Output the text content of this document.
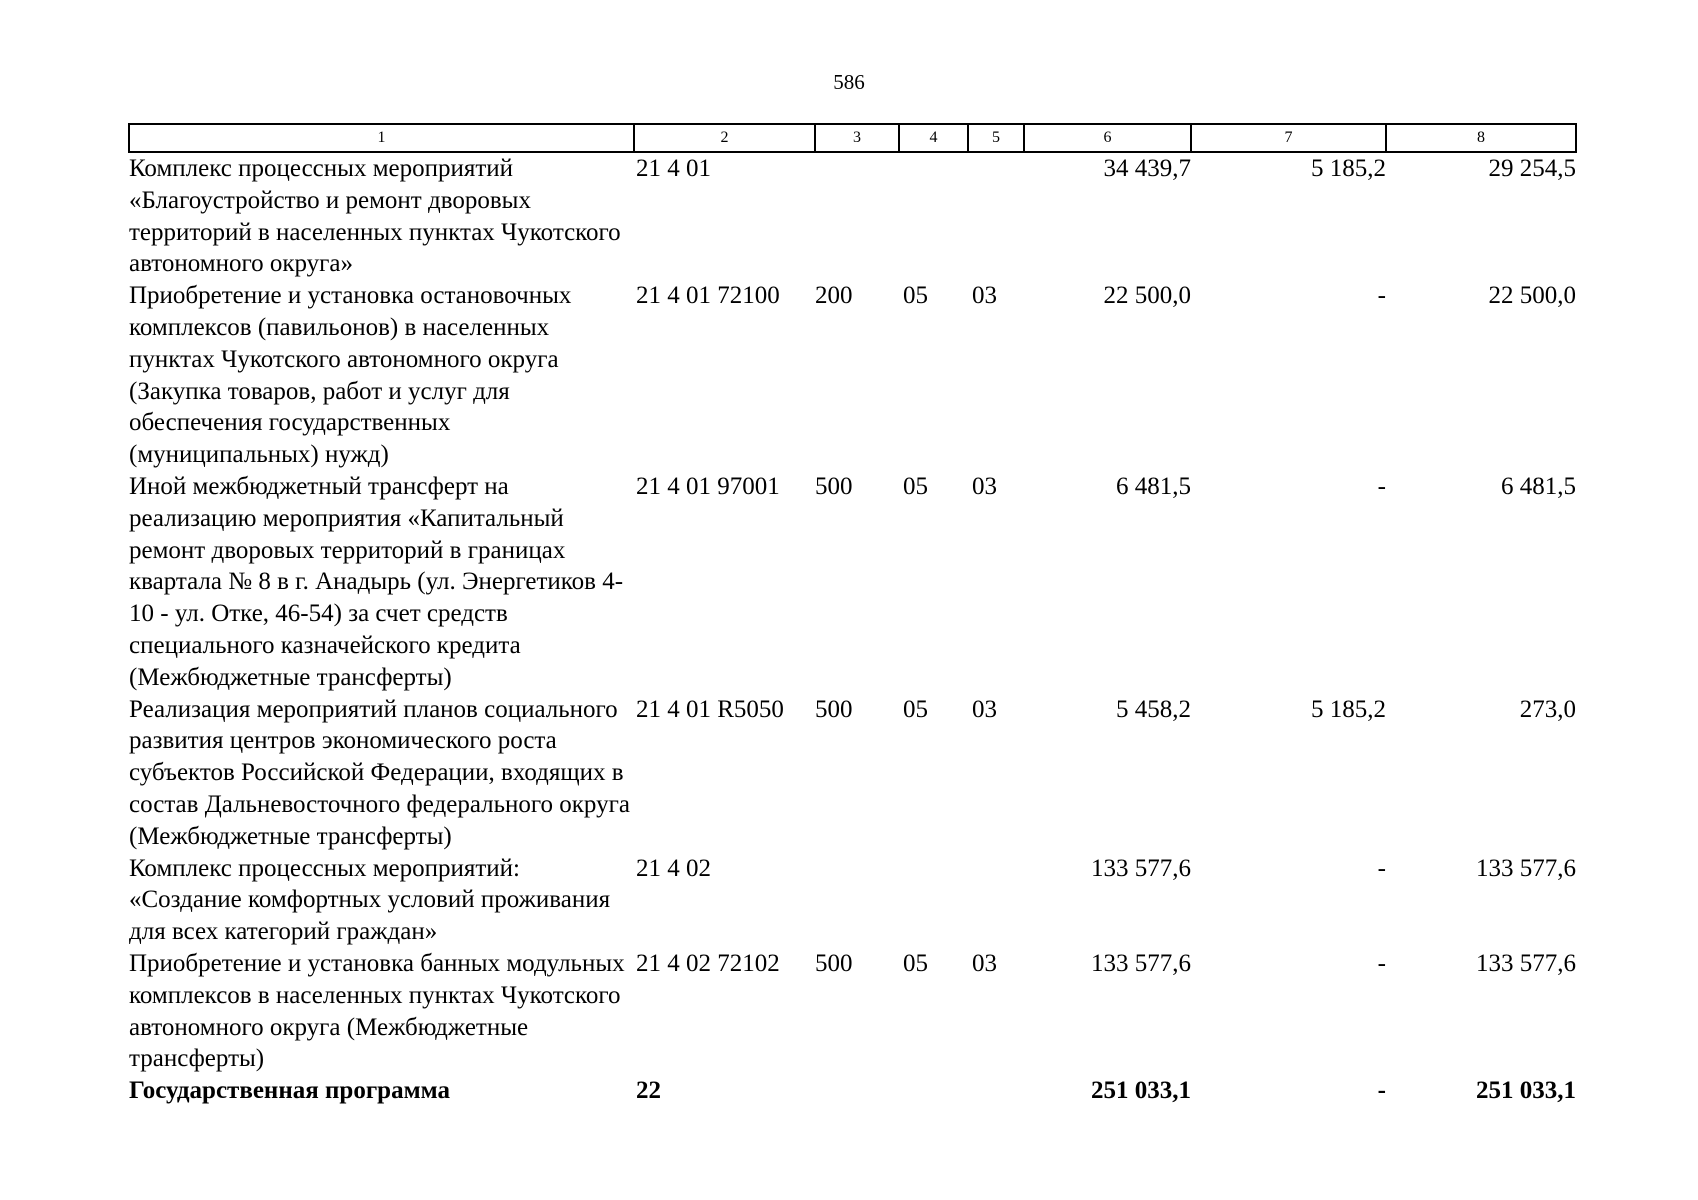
586
1	2	3	4	5	6	7	8
Комплекс процессных мероприятий «Благоустройство и ремонт дворовых территорий в населенных пунктах Чукотского автономного округа»	21 4 01				34 439,7	5 185,2	29 254,5
Приобретение и установка остановочных комплексов (павильонов) в населенных пунктах Чукотского автономного округа (Закупка товаров, работ и услуг для обеспечения государственных (муниципальных) нужд)	21 4 01 72100	200	05	03	22 500,0	-	22 500,0
Иной межбюджетный трансферт на реализацию мероприятия «Капитальный ремонт дворовых территорий в границах квартала № 8 в г. Анадырь (ул. Энергетиков 4-10 - ул. Отке, 46-54) за счет средств специального казначейского кредита (Межбюджетные трансферты)	21 4 01 97001	500	05	03	6 481,5	-	6 481,5
Реализация мероприятий планов социального развития центров экономического роста субъектов Российской Федерации, входящих в состав Дальневосточного федерального округа (Межбюджетные трансферты)	21 4 01 R5050	500	05	03	5 458,2	5 185,2	273,0
Комплекс процессных мероприятий: «Создание комфортных условий проживания для всех категорий граждан»	21 4 02				133 577,6	-	133 577,6
Приобретение и установка банных модульных комплексов в населенных пунктах Чукотского автономного округа (Межбюджетные трансферты)	21 4 02 72102	500	05	03	133 577,6	-	133 577,6
Государственная программа	22				251 033,1	-	251 033,1
